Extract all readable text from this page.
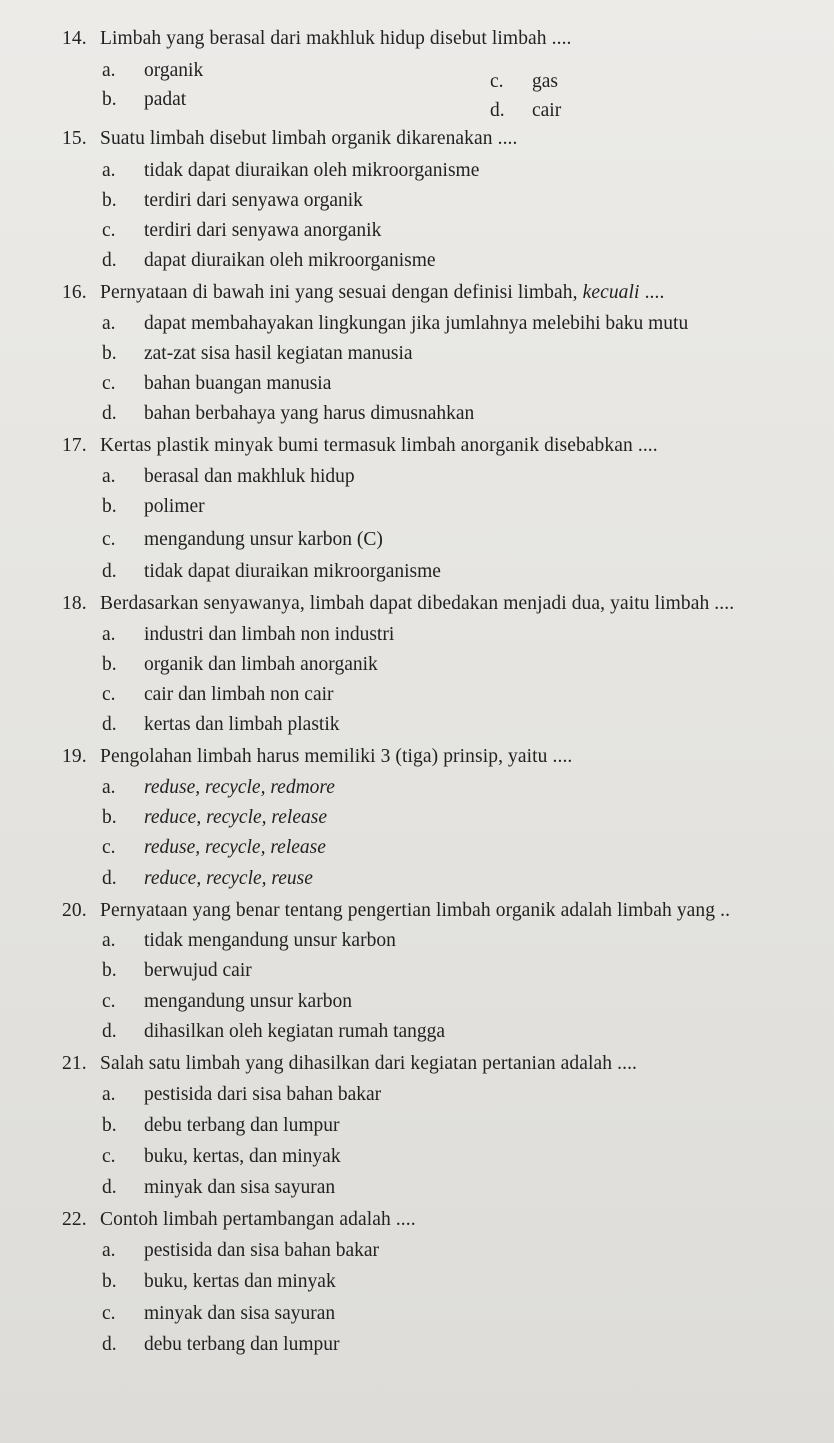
14. Limbah yang berasal dari makhluk hidup disebut limbah ....
a. organik
b. padat
c. gas
d. cair
15. Suatu limbah disebut limbah organik dikarenakan ....
a. tidak dapat diuraikan oleh mikroorganisme
b. terdiri dari senyawa organik
c. terdiri dari senyawa anorganik
d. dapat diuraikan oleh mikroorganisme
16. Pernyataan di bawah ini yang sesuai dengan definisi limbah, kecuali ....
a. dapat membahayakan lingkungan jika jumlahnya melebihi baku mutu
b. zat-zat sisa hasil kegiatan manusia
c. bahan buangan manusia
d. bahan berbahaya yang harus dimusnahkan
17. Kertas plastik minyak bumi termasuk limbah anorganik disebabkan ....
a. berasal dan makhluk hidup
b. polimer
c. mengandung unsur karbon (C)
d. tidak dapat diuraikan mikroorganisme
18. Berdasarkan senyawanya, limbah dapat dibedakan menjadi dua, yaitu limbah ....
a. industri dan limbah non industri
b. organik dan limbah anorganik
c. cair dan limbah non cair
d. kertas dan limbah plastik
19. Pengolahan limbah harus memiliki 3 (tiga) prinsip, yaitu ....
a. reduse, recycle, redmore
b. reduce, recycle, release
c. reduse, recycle, release
d. reduce, recycle, reuse
20. Pernyataan yang benar tentang pengertian limbah organik adalah limbah yang ..
a. tidak mengandung unsur karbon
b. berwujud cair
c. mengandung unsur karbon
d. dihasilkan oleh kegiatan rumah tangga
21. Salah satu limbah yang dihasilkan dari kegiatan pertanian adalah ....
a. pestisida dari sisa bahan bakar
b. debu terbang dan lumpur
c. buku, kertas, dan minyak
d. minyak dan sisa sayuran
22. Contoh limbah pertambangan adalah ....
a. pestisida dan sisa bahan bakar
b. buku, kertas dan minyak
c. minyak dan sisa sayuran
d. debu terbang dan lumpur
